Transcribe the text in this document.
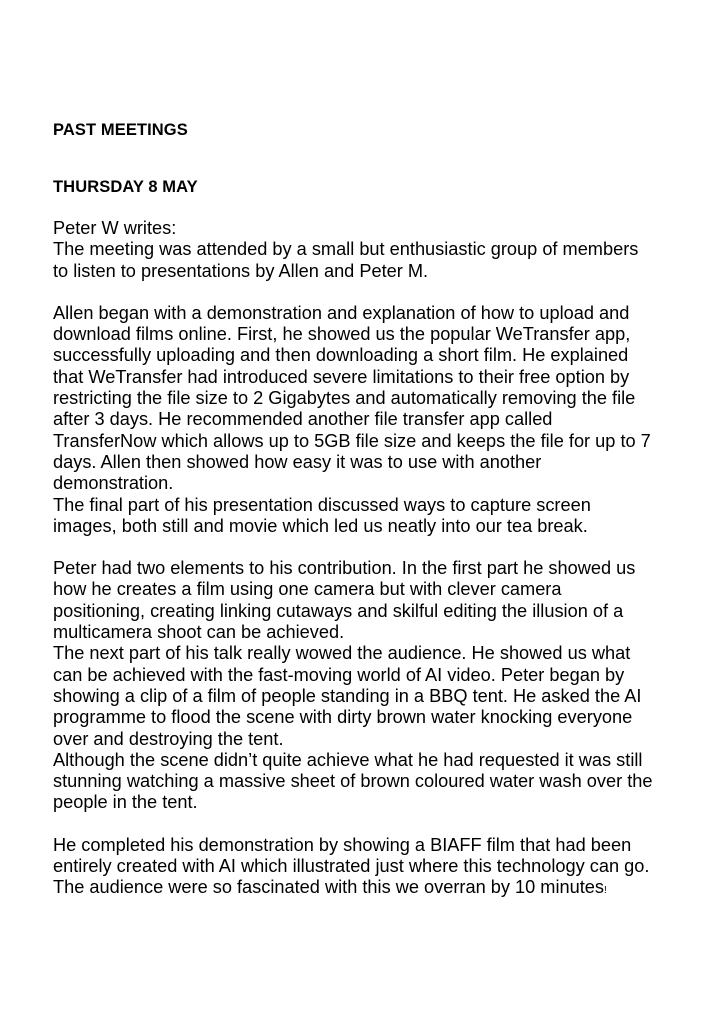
PAST MEETINGS
THURSDAY 8 MAY

Peter W writes:
The meeting was attended by a small but enthusiastic group of members
to listen to presentations by Allen and Peter M.

Allen began with a demonstration and explanation of how to upload and
download films online. First, he showed us the popular WeTransfer app,
successfully uploading and then downloading a short film. He explained
that WeTransfer had introduced severe limitations to their free option by
restricting the file size to 2 Gigabytes and automatically removing the file
after 3 days. He recommended another file transfer app called
TransferNow which allows up to 5GB file size and keeps the file for up to 7
days. Allen then showed how easy it was to use with another
demonstration.
The final part of his presentation discussed ways to capture screen
images, both still and movie which led us neatly into our tea break.

Peter had two elements to his contribution. In the first part he showed us
how he creates a film using one camera but with clever camera
positioning, creating linking cutaways and skilful editing the illusion of a
multicamera shoot can be achieved.
The next part of his talk really wowed the audience. He showed us what
can be achieved with the fast-moving world of AI video. Peter began by
showing a clip of a film of people standing in a BBQ tent. He asked the AI
programme to flood the scene with dirty brown water knocking everyone
over and destroying the tent.
Although the scene didn’t quite achieve what he had requested it was still
stunning watching a massive sheet of brown coloured water wash over the
people in the tent.

He completed his demonstration by showing a BIAFF film that had been
entirely created with AI which illustrated just where this technology can go.
The audience were so fascinated with this we overran by 10 minutes!
